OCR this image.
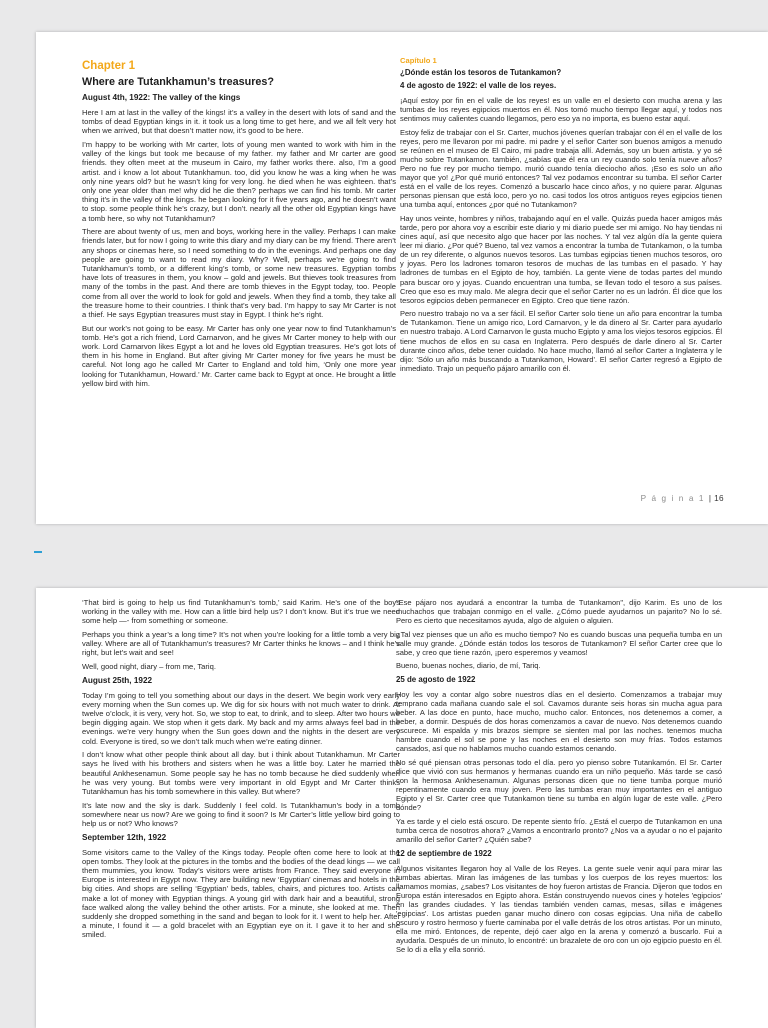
Chapter 1
Where are Tutankhamun’s treasures?
August 4th, 1922: The valley of the kings

Here I am at last in the valley of the kings! it’s a valley in the desert with lots of sand and the tombs of dead Egyptian kings in it. it took us a long time to get here, and we all felt very hot when we arrived, but that doesn’t matter now, it’s good to be here.

I’m happy to be working with Mr carter, lots of young men wanted to work with him in the valley of the kings but took me because of my father. my father and Mr carter are good friends. they often meet at the museum in Cairo, my father works there. also, I’m a good artist. and i know a lot about Tutankhamun. too, did you know he was a king when he was only nine years old? but he wasn’t king for very long. he died when he was eighteen. that’s only one year older than me! why did he die then? perhaps we can find his tomb. Mr carter thing it’s in the valley of the kings. he began looking for it five years ago, and he doesn’t want to stop. some people think he’s crazy, but I don’t. nearly all the other old Egyptian kings have a tomb here, so why not Tutankhamun?

There are about twenty of us, men and boys, working here in the valley. Perhaps I can make friends later, but for now I going to write this diary and my diary can be my friend. There aren’t any shops or cinemas here, so I need something to do in the evenings. And perhaps one day people are going to want to read my diary. Why? Well, perhaps we’re going to find Tutankhamun’s tomb, or a different king’s tomb, or some new treasures. Egyptian tombs have lots of treasures in them, you know – gold and jewels. But thieves took treasures from many of the tombs in the past. And there are tomb thieves in the Egypt today, too. People come from all over the world to look for gold and jewels. When they find a tomb, they take all the treasure home to their countries. I think that’s very bad. I’m happy to say Mr Carter is not a thief. He says Egyptian treasures must stay in Egypt. I think he’s right.

But our work’s not going to be easy. Mr Carter has only one year now to find Tutankhamun’s tomb. He’s got a rich friend, Lord Carnarvon, and he gives Mr Carter money to help with our work. Lord Carnarvon likes Egypt a lot and he loves old Egyptian treasures. He’s got lots of them in his home in England. But after giving Mr Carter money for five years he must be careful. Not long ago he called Mr Carter to England and told him, ‘Only one more year looking for Tutankhamun, Howard.’ Mr. Carter came back to Egypt at once. He brought a little yellow bird with him.

Capítulo 1
¿Dónde están los tesoros de Tutankamon?
4 de agosto de 1922: el valle de los reyes.

¡Aquí estoy por fin en el valle de los reyes! es un valle en el desierto con mucha arena y las tumbas de los reyes egipcios muertos en él. Nos tomó mucho tiempo llegar aquí, y todos nos sentimos muy calientes cuando llegamos, pero eso ya no importa, es bueno estar aquí.

Estoy feliz de trabajar con el Sr. Carter, muchos jóvenes querían trabajar con él en el valle de los reyes, pero me llevaron por mi padre. mi padre y el señor Carter son buenos amigos a menudo se reúnen en el museo de El Cairo, mi padre trabaja allí. Además, soy un buen artista. y yo sé mucho sobre Tutankamon. también, ¿sabías que él era un rey cuando solo tenía nueve años? Pero no fue rey por mucho tiempo. murió cuando tenía dieciocho años. ¡Eso es solo un año mayor que yo! ¿Por qué murió entonces? Tal vez podamos encontrar su tumba. El señor Carter está en el valle de los reyes. Comenzó a buscarlo hace cinco años, y no quiere parar. Algunas personas piensan que está loco, pero yo no. casi todos los otros antiguos reyes egipcios tienen una tumba aquí, entonces ¿por qué no Tutankamon?

Hay unos veinte, hombres y niños, trabajando aquí en el valle. Quizás pueda hacer amigos más tarde, pero por ahora voy a escribir este diario y mi diario puede ser mi amigo. No hay tiendas ni cines aquí, así que necesito algo que hacer por las noches. Y tal vez algún día la gente quiera leer mi diario. ¿Por qué? Bueno, tal vez vamos a encontrar la tumba de Tutankamon, o la tumba de un rey diferente, o algunos nuevos tesoros. Las tumbas egipcias tienen muchos tesoros, oro y joyas. Pero los ladrones tomaron tesoros de muchas de las tumbas en el pasado. Y hay ladrones de tumbas en el Egipto de hoy, también. La gente viene de todas partes del mundo para buscar oro y joyas. Cuando encuentran una tumba, se llevan todo el tesoro a sus países. Creo que eso es muy malo. Me alegra decir que el señor Carter no es un ladrón. Él dice que los tesoros egipcios deben permanecer en Egipto. Creo que tiene razón.

Pero nuestro trabajo no va a ser fácil. El señor Carter solo tiene un año para encontrar la tumba de Tutankamon. Tiene un amigo rico, Lord Carnarvon, y le da dinero al Sr. Carter para ayudarlo en nuestro trabajo. A Lord Carnarvon le gusta mucho Egipto y ama los viejos tesoros egipcios. Él tiene muchos de ellos en su casa en Inglaterra. Pero después de darle dinero al Sr. Carter durante cinco años, debe tener cuidado. No hace mucho, llamó al señor Carter a Inglaterra y le dijo: 'Sólo un año más buscando a Tutankamon, Howard'. El señor Carter regresó a Egipto de inmediato. Trajo un pequeño pájaro amarillo con él.

P á g i n a 1 | 16

‘That bird is going to help us find Tutankhamun’s tomb,’ said Karim. He’s one of the boys working in the valley with me. How can a little bird help us? I don’t know. But it’s true we need some help —- from something or someone.

Perhaps you think a year’s a long time? It’s not when you’re looking for a little tomb a very big valley. Where are all of Tutankhamun’s treasures? Mr Carter thinks he knows – and I think he’s right, but let’s wait and see!

Well, good night, diary – from me, Tariq.

August 25th, 1922

Today I’m going to tell you something about our days in the desert. We begin work very early every morning when the Sun comes up. We dig for six hours with not much water to drink. At twelve o’clock, it is very, very hot. So, we stop to eat, to drink, and to sleep. After two hours we begin digging again. We stop when it gets dark. My back and my arms always feel bad in the evenings. we’re very hungry when the Sun goes down and the nights in the desert are very cold. Everyone is tired, so we don’t talk much when we’re eating dinner.

I don’t know what other people think about all day. but i think about Tutankhamun. Mr Carter says he lived with his brothers and sisters when he was a little boy. Later he married the beautiful Ankhesenamun. Some people say he has no tomb because he died suddenly when he was very young. But tombs were very important in old Egypt and Mr Carter thinks Tutankhamun has his tomb somewhere in this valley. But where?

It’s late now and the sky is dark. Suddenly I feel cold. Is Tutankhamun’s body in a tomb somewhere near us now? Are we going to find it soon? Is Mr Carter’s little yellow bird going to help us or not? Who knows?

September 12th, 1922

Some visitors came to the Valley of the Kings today. People often come here to look at the open tombs. They look at the pictures in the tombs and the bodies of the dead kings — we call them mummies, you know. Today’s visitors were artists from France. They said everyone in Europe is interested in Egypt now. They are building new ‘Egyptian’ cinemas and hotels in the big cities. And shops are selling ‘Egyptian’ beds, tables, chairs, and pictures too. Artists can make a lot of money with Egyptian things. A young girl with dark hair and a beautiful, strong face walked along the valley behind the other artists. For a minute, she looked at me. Then suddenly she dropped something in the sand and began to look for it. I went to help her. After a minute, I found it — a gold bracelet with an Egyptian eye on it. I gave it to her and she smiled.

"Ese pájaro nos ayudará a encontrar la tumba de Tutankamon", dijo Karim. Es uno de los muchachos que trabajan conmigo en el valle. ¿Cómo puede ayudarnos un pajarito? No lo sé. Pero es cierto que necesitamos ayuda, algo de alguien o alguien.

¿Tal vez pienses que un año es mucho tiempo? No es cuando buscas una pequeña tumba en un valle muy grande. ¿Dónde están todos los tesoros de Tutankamon? El señor Carter cree que lo sabe, y creo que tiene razón, ¡pero esperemos y veamos!

Bueno, buenas noches, diario, de mí, Tariq.

25 de agosto de 1922

Hoy les voy a contar algo sobre nuestros días en el desierto. Comenzamos a trabajar muy temprano cada mañana cuando sale el sol. Cavamos durante seis horas sin mucha agua para beber. A las doce en punto, hace mucho, mucho calor. Entonces, nos detenemos a comer, a beber, a dormir. Después de dos horas comenzamos a cavar de nuevo. Nos detenemos cuando oscurece. Mi espalda y mis brazos siempre se sienten mal por las noches. tenemos mucha hambre cuando el sol se pone y las noches en el desierto son muy frías. Todos estamos cansados, así que no hablamos mucho cuando estamos cenando.

No sé qué piensan otras personas todo el día. pero yo pienso sobre Tutankamón. El Sr. Carter dice que vivió con sus hermanos y hermanas cuando era un niño pequeño. Más tarde se casó con la hermosa Ankhesenamun. Algunas personas dicen que no tiene tumba porque murió repentinamente cuando era muy joven. Pero las tumbas eran muy importantes en el antiguo Egipto y el Sr. Carter cree que Tutankamon tiene su tumba en algún lugar de este valle. ¿Pero dónde?

Ya es tarde y el cielo está oscuro. De repente siento frío. ¿Está el cuerpo de Tutankamon en una tumba cerca de nosotros ahora? ¿Vamos a encontrarlo pronto? ¿Nos va a ayudar o no el pajarito amarillo del señor Carter? ¿Quién sabe?

12 de septiembre de 1922

Algunos visitantes llegaron hoy al Valle de los Reyes. La gente suele venir aquí para mirar las tumbas abiertas. Miran las imágenes de las tumbas y los cuerpos de los reyes muertos: los llamamos momias, ¿sabes? Los visitantes de hoy fueron artistas de Francia. Dijeron que todos en Europa están interesados en Egipto ahora. Están construyendo nuevos cines y hoteles 'egipcios' en las grandes ciudades. Y las tiendas también venden camas, mesas, sillas e imágenes 'egipcias'. Los artistas pueden ganar mucho dinero con cosas egipcias. Una niña de cabello oscuro y rostro hermoso y fuerte caminaba por el valle detrás de los otros artistas. Por un minuto, ella me miró. Entonces, de repente, dejó caer algo en la arena y comenzó a buscarlo. Fui a ayudarla. Después de un minuto, lo encontré: un brazalete de oro con un ojo egipcio puesto en él. Se lo di a ella y ella sonrió.
